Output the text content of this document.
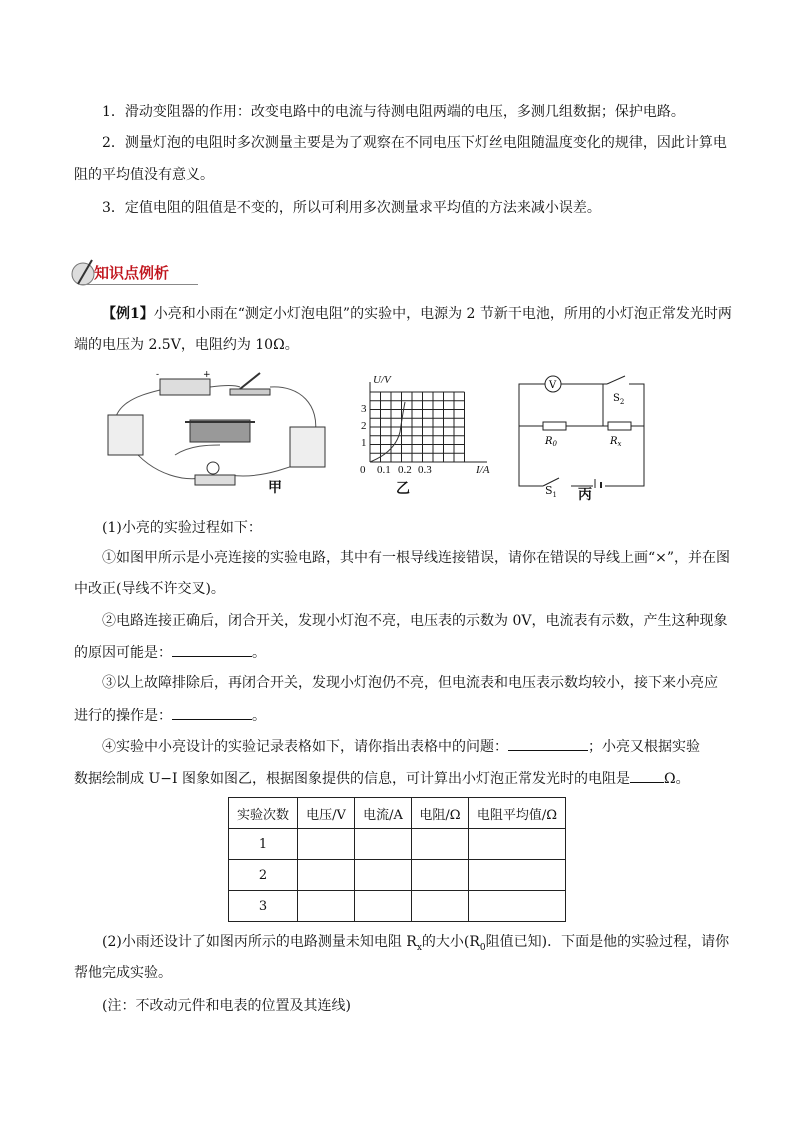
1．滑动变阻器的作用：改变电路中的电流与待测电阻两端的电压，多测几组数据；保护电路。
2．测量灯泡的电阻时多次测量主要是为了观察在不同电压下灯丝电阻随温度变化的规律，因此计算电
阻的平均值没有意义。
3．定值电阻的阻值是不变的，所以可利用多次测量求平均值的方法来减小误差。
知识点例析
【例1】小亮和小雨在“测定小灯泡电阻”的实验中，电源为 2 节新干电池，所用的小灯泡正常发光时两
端的电压为 2.5V，电阻约为 10Ω。
-	+
甲
U/V
1
2
3
0 0.1 0.2 0.3	I/A
乙
V
$S_2$
$R_0$	$R_x$
$S_1$ 丙
(1)小亮的实验过程如下：
①如图甲所示是小亮连接的实验电路，其中有一根导线连接错误，请你在错误的导线上画“×”，并在图
中改正(导线不许交叉)。
②电路连接正确后，闭合开关，发现小灯泡不亮，电压表的示数为 0V，电流表有示数，产生这种现象
的原因可能是：	。
③以上故障排除后，再闭合开关，发现小灯泡仍不亮，但电流表和电压表示数均较小，接下来小亮应
进行的操作是：	。
④实验中小亮设计的实验记录表格如下，请你指出表格中的问题：	；小亮又根据实验
数据绘制成 U−I 图象如图乙，根据图象提供的信息，可计算出小灯泡正常发光时的电阻是 Ω。
实验次数	电压/V	电流/A	电阻/Ω	电阻平均值/Ω
1				
2				
3				
(2)小雨还设计了如图丙所示的电路测量未知电阻 $R_x$的大小($R_0$阻值已知)．下面是他的实验过程，请你
帮他完成实验。
(注：不改动元件和电表的位置及其连线)
